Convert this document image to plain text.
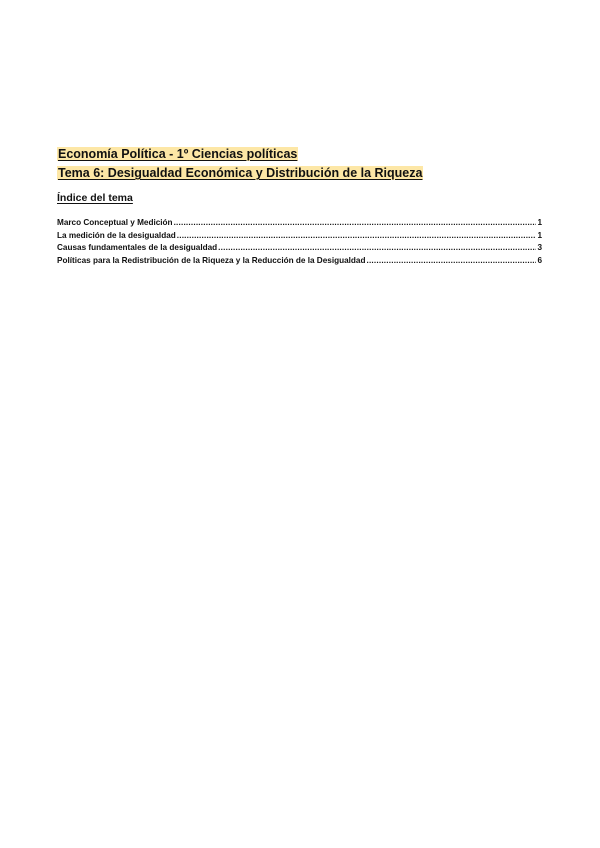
Economía Política - 1º Ciencias políticas
Tema 6: Desigualdad Económica y Distribución de la Riqueza
Índice del tema
Marco Conceptual y Medición .....	1
La medición de la desigualdad .....	1
Causas fundamentales de la desigualdad .....	3
Políticas para la Redistribución de la Riqueza y la Reducción de la Desigualdad .....	6
